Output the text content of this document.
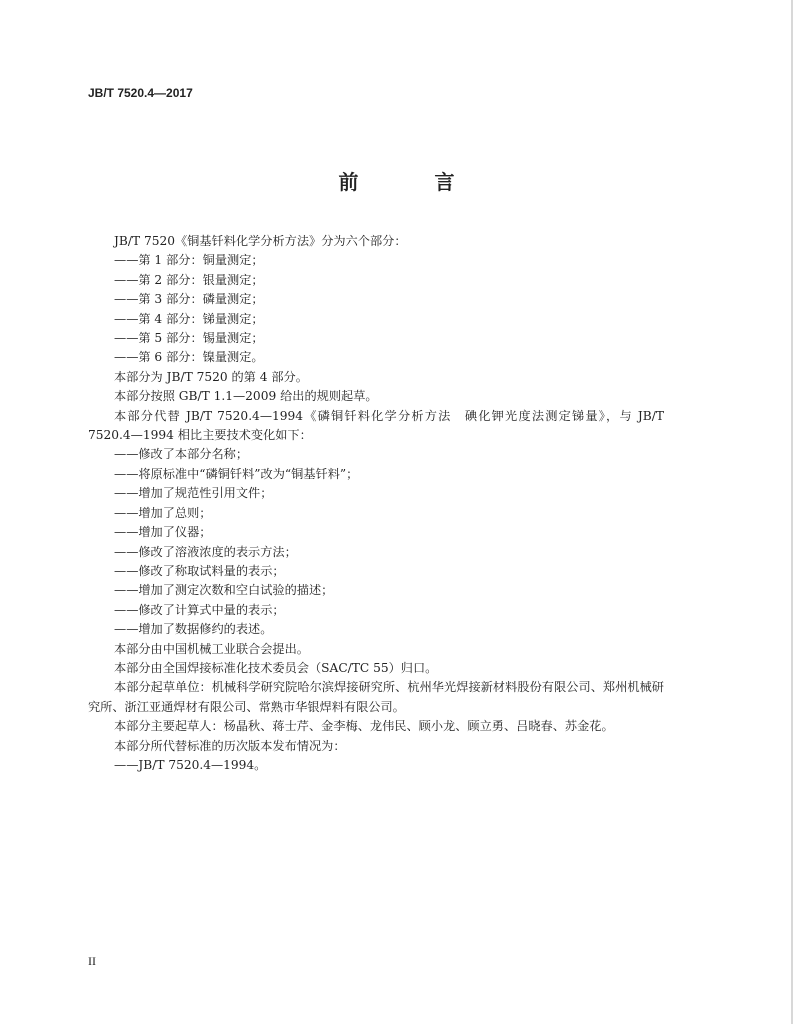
JB/T 7520.4—2017
前　言

JB/T 7520《铜基钎料化学分析方法》分为六个部分：

——第 1 部分：铜量测定；

——第 2 部分：银量测定；

——第 3 部分：磷量测定；

——第 4 部分：锑量测定；

——第 5 部分：锡量测定；

——第 6 部分：镍量测定。

本部分为 JB/T 7520 的第 4 部分。

本部分按照 GB/T 1.1—2009 给出的规则起草。

本部分代替 JB/T 7520.4—1994《磷铜钎料化学分析方法　碘化钾光度法测定锑量》，与 JB/T 7520.4—1994 相比主要技术变化如下：

——修改了本部分名称；

——将原标准中“磷铜钎料”改为“铜基钎料”；

——增加了规范性引用文件；

——增加了总则；

——增加了仪器；

——修改了溶液浓度的表示方法；

——修改了称取试料量的表示；

——增加了测定次数和空白试验的描述；

——修改了计算式中量的表示；

——增加了数据修约的表述。

本部分由中国机械工业联合会提出。

本部分由全国焊接标准化技术委员会（SAC/TC 55）归口。

本部分起草单位：机械科学研究院哈尔滨焊接研究所、杭州华光焊接新材料股份有限公司、郑州机械研究所、浙江亚通焊材有限公司、常熟市华银焊料有限公司。

本部分主要起草人：杨晶秋、蒋士芹、金李梅、龙伟民、顾小龙、顾立勇、吕晓春、苏金花。

本部分所代替标准的历次版本发布情况为：

——JB/T 7520.4—1994。

II
